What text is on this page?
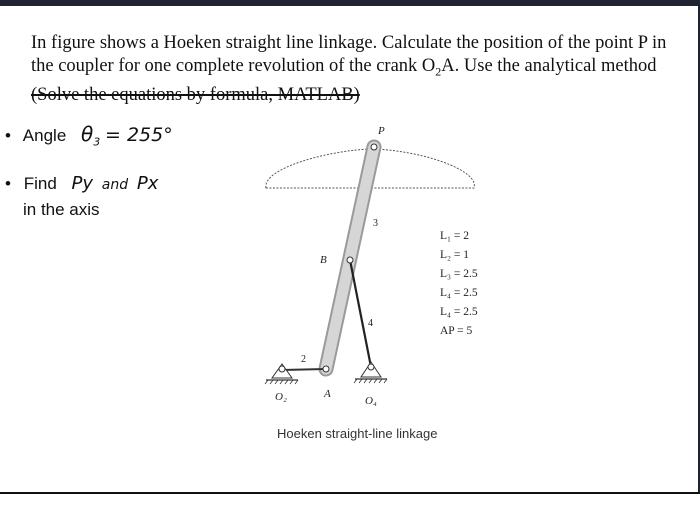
In figure shows a Hoeken straight line linkage. Calculate the position of the point P in
the coupler for one complete revolution of the crank $O_2A$. Use the analytical method
(Solve the equations by formula, MATLAB)
• Angle $\theta_3 = 255^\circ$
• Find Py and Px
in the axis
P
3
B
4
2
O₂	A
O₄
L₁ = 2
L₂ = 1
L₃ = 2.5
L₄ = 2.5
L₄ = 2.5
AP = 5
Hoeken straight-line linkage
